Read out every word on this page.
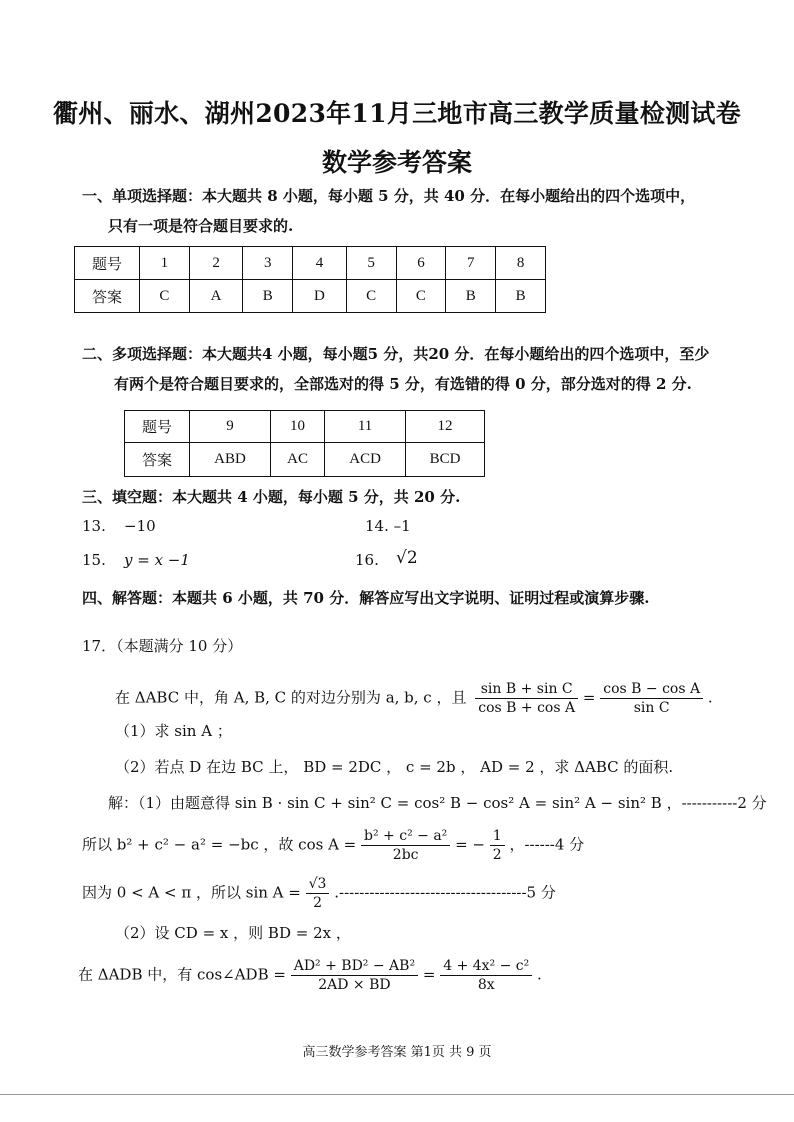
衢州、丽水、湖州2023年11月三地市高三教学质量检测试卷
数学参考答案
一、单项选择题：本大题共 8 小题，每小题 5 分，共 40 分．在每小题给出的四个选项中，
只有一项是符合题目要求的.
题号	1	2	3	4	5	6	7	8
答案	C	A	B	D	C	C	B	B
二、多项选择题：本大题共4 小题，每小题5 分，共20 分．在每小题给出的四个选项中，至少
有两个是符合题目要求的，全部选对的得 5 分，有选错的得 0 分，部分选对的得 2 分.
题号	9	10	11	12
答案	ABD	AC	ACD	BCD
三、填空题：本大题共 4 小题，每小题 5 分，共 20 分.
13. −10	14. –1
15. y = x −1	16. √2
四、解答题：本题共 6 小题，共 70 分．解答应写出文字说明、证明过程或演算步骤.
17．（本题满分 10 分）
在 ΔABC 中，角 A, B, C 的对边分别为 a, b, c ，且 $\frac{\text{sin B + sin C}}{\text{cos B + cos A}} = \frac{\text{cos B − cos A}}{\text{sin C}}$ .
（1）求 sin A ；
（2）若点 D 在边 BC 上， BD = 2DC ， c = 2b ， AD = 2 ，求 ΔABC 的面积.
解：（1）由题意得 sin B · sin C + sin² C = cos² B − cos² A = sin² A − sin² B ，-----------2 分
所以 b² + c² − a² = −bc ，故 $\cos A = \frac{\text{b² + c² − a²}}{2bc}$ = − $\frac{1}{2}$ ，------4 分
因为 0 < A < π ，所以 $\sin A = \frac{√3}{2} .-------------------------------------5$ 分
（2）设 CD = x ，则 BD = 2x ，
在 ΔADB 中，有 cos∠ADB = $\frac{\text{AD² + BD² − AB²}}{2AD \times BD} = \frac{\text{4 + 4x² − c²}}{8x}$ .
高三数学参考答案 第1页 共 9 页
